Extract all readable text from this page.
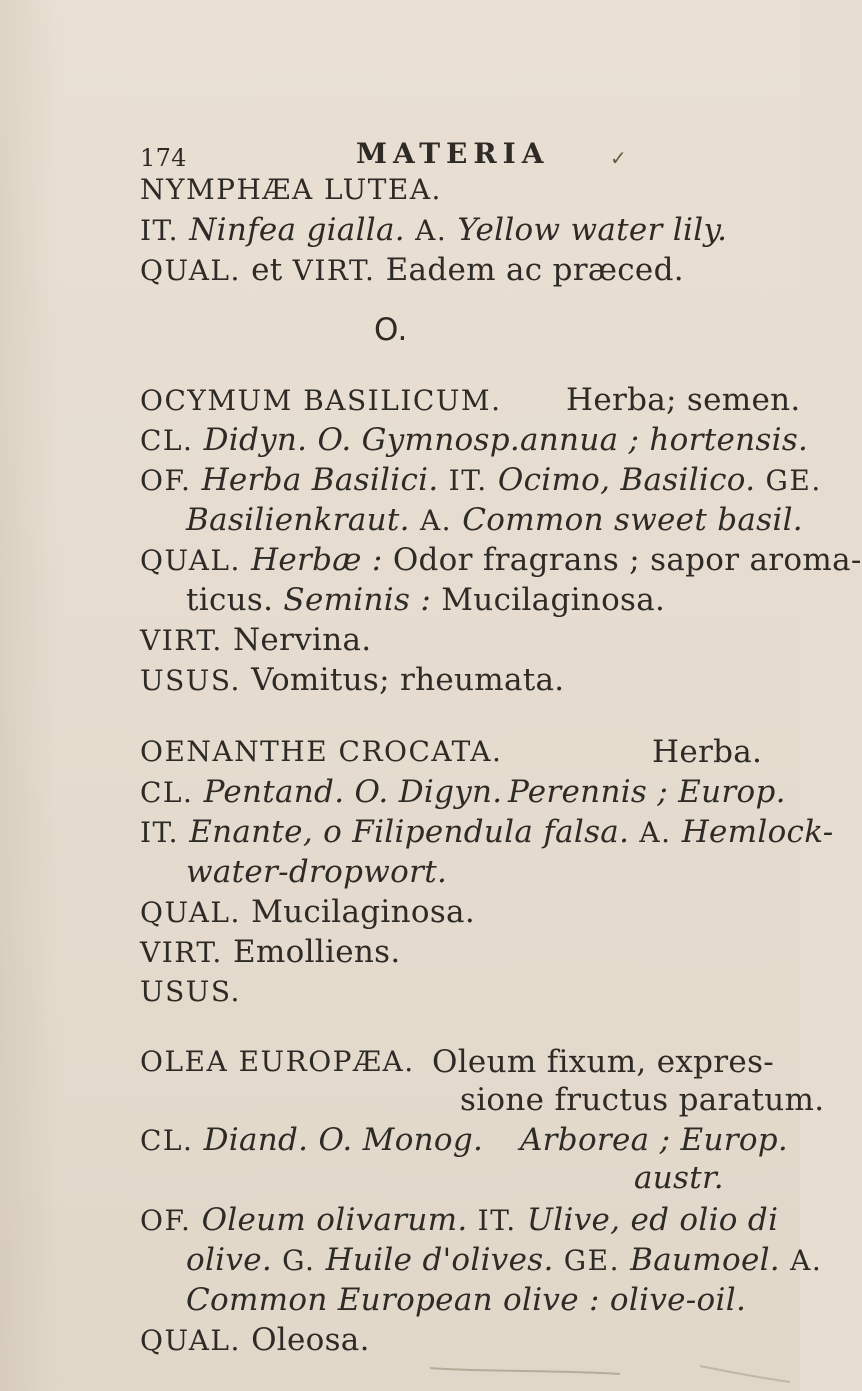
174	MATERIA	✓
NYMPHÆA LUTEA.
IT. Ninfea gialla. A. Yellow water lily.
QUAL. et VIRT. Eadem ac præced.
O.
OCYMUM BASILICUM. Herba; semen.
CL. Didyn. O. Gymnosp. annua ; hortensis.
OF. Herba Basilici. IT. Ocimo, Basilico. GE.
Basilienkraut. A. Common sweet basil.
QUAL. Herbæ : Odor fragrans ; sapor aroma-
ticus. Seminis : Mucilaginosa.
VIRT. Nervina.
USUS. Vomitus; rheumata.
OENANTHE CROCATA.	Herba.
CL. Pentand. O. Digyn. Perennis ; Europ.
IT. Enante, o Filipendula falsa. A. Hemlock-
water-dropwort.
QUAL. Mucilaginosa.
VIRT. Emolliens.
USUS.
OLEA EUROPÆA. Oleum fixum, expres-
sione fructus paratum.
CL. Diand. O. Monog. Arborea ; Europ.
austr.
OF. Oleum olivarum. IT. Ulive, ed olio di
olive. G. Huile d'olives. GE. Baumoel. A.
Common European olive : olive-oil.
QUAL. Oleosa.
